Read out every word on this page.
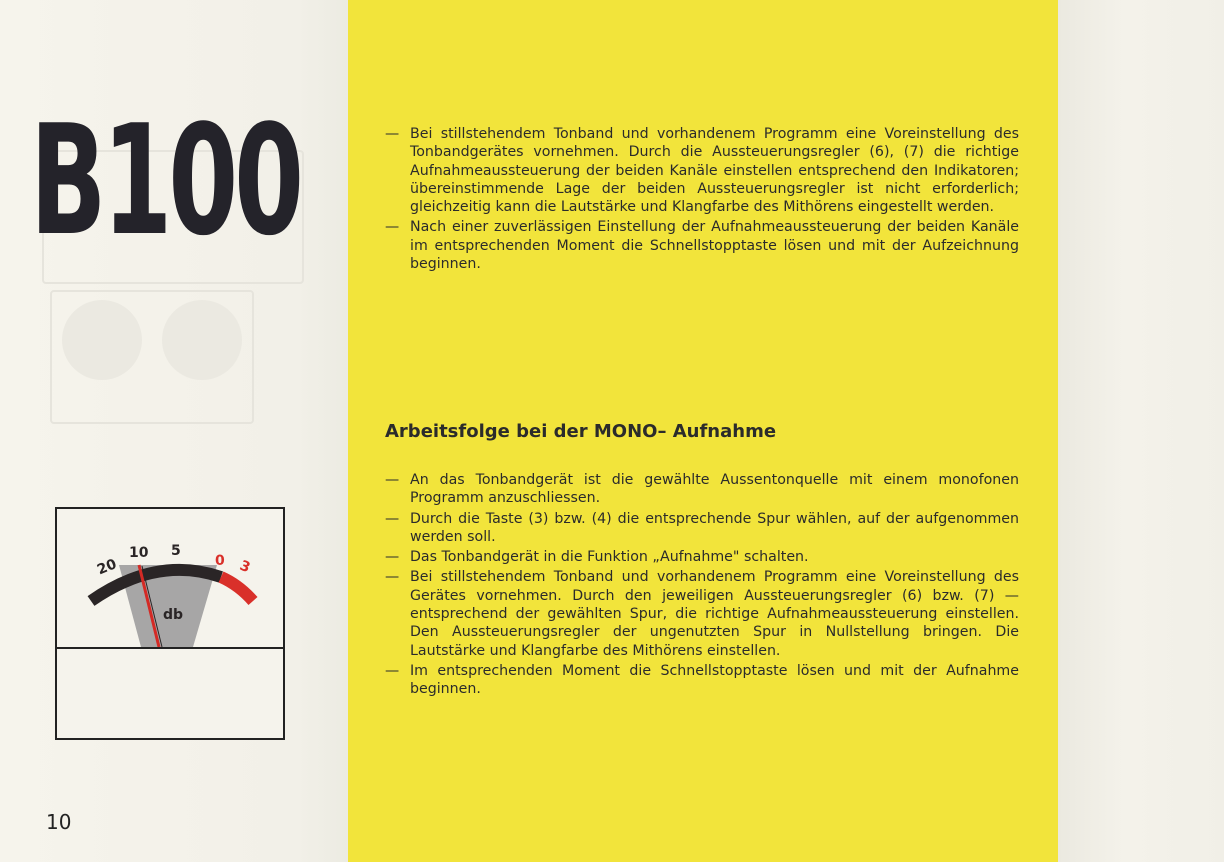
B100
20
10 5
0 3
db
10
— Bei stillstehendem Tonband und vorhandenem Programm eine Voreinstellung des Tonbandgerätes vornehmen. Durch die Aussteuerungsregler (6), (7) die richtige Aufnahmeaussteuerung der beiden Kanäle einstellen entsprechend den Indikatoren; übereinstimmende Lage der beiden Aussteuerungsregler ist nicht erforderlich; gleichzeitig kann die Lautstärke und Klangfarbe des Mithörens eingestellt werden.
— Nach einer zuverlässigen Einstellung der Aufnahmeaussteuerung der beiden Kanäle im entsprechenden Moment die Schnellstopptaste lösen und mit der Aufzeichnung beginnen.
Arbeitsfolge bei der MONO– Aufnahme
— An das Tonbandgerät ist die gewählte Aussentonquelle mit einem monofonen Programm anzuschliessen.
— Durch die Taste (3) bzw. (4) die entsprechende Spur wählen, auf der aufgenommen werden soll.
— Das Tonbandgerät in die Funktion „Aufnahme" schalten.
— Bei stillstehendem Tonband und vorhandenem Programm eine Voreinstellung des Gerätes vornehmen. Durch den jeweiligen Aussteuerungsregler (6) bzw. (7) — entsprechend der gewählten Spur, die richtige Aufnahmeaussteuerung einstellen. Den Aussteuerungsregler der ungenutzten Spur in Nullstellung bringen. Die Lautstärke und Klangfarbe des Mithörens einstellen.
— Im entsprechenden Moment die Schnellstopptaste lösen und mit der Aufnahme beginnen.
